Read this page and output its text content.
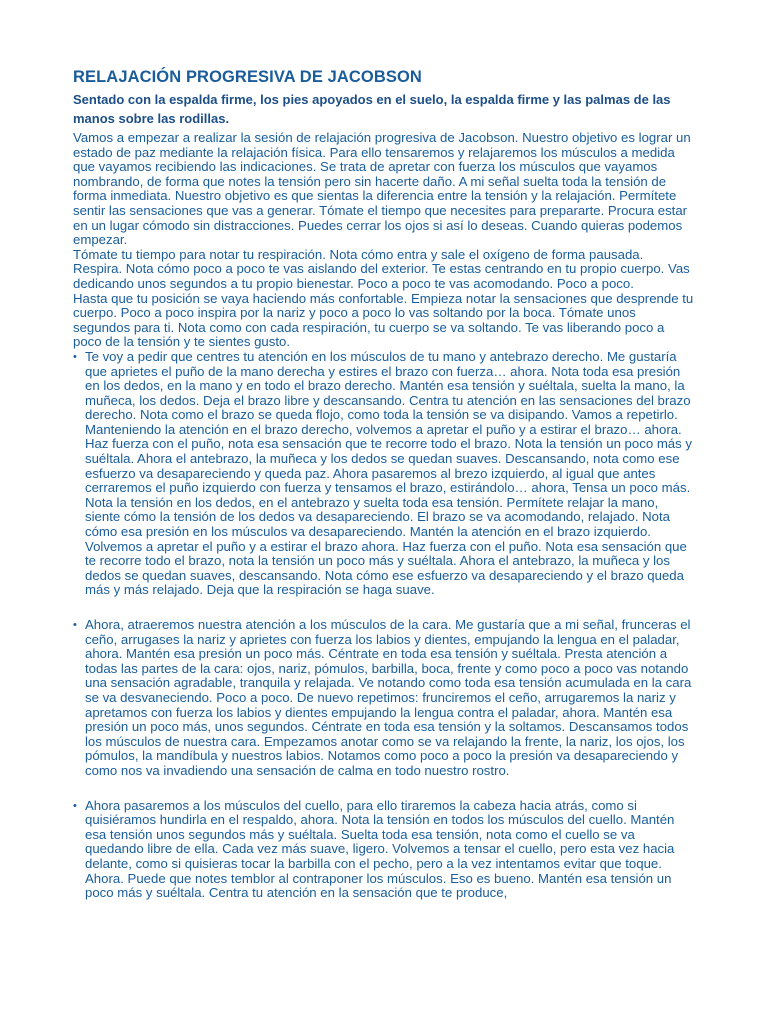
RELAJACIÓN PROGRESIVA DE JACOBSON
Sentado con la espalda firme, los pies apoyados en el suelo, la espalda firme y las palmas de las manos sobre las rodillas.

Vamos a empezar a realizar la sesión de relajación progresiva de Jacobson. Nuestro objetivo es lograr un estado de paz mediante la relajación física. Para ello tensaremos y relajaremos los músculos a medida que vayamos recibiendo las indicaciones. Se trata de apretar con fuerza los músculos que vayamos nombrando, de forma que notes la tensión pero sin hacerte daño. A mi señal suelta toda la tensión de forma inmediata. Nuestro objetivo es que sientas la diferencia entre la tensión y la relajación. Permítete sentir las sensaciones que vas a generar. Tómate el tiempo que necesites para prepararte. Procura estar en un lugar cómodo sin distracciones. Puedes cerrar los ojos si así lo deseas. Cuando quieras podemos empezar.

Tómate tu tiempo para notar tu respiración. Nota cómo entra y sale el oxígeno de forma pausada. Respira. Nota cómo poco a poco te vas aislando del exterior. Te estas centrando en tu propio cuerpo. Vas dedicando unos segundos a tu propio bienestar. Poco a poco te vas acomodando. Poco a poco.

Hasta que tu posición se vaya haciendo más confortable. Empieza notar la sensaciones que desprende tu cuerpo. Poco a poco inspira por la nariz y poco a poco lo vas soltando por la boca. Tómate unos segundos para ti. Nota como con cada respiración, tu cuerpo se va soltando. Te vas liberando poco a poco de la tensión y te sientes gusto.

• Te voy a pedir que centres tu atención en los músculos de tu mano y antebrazo derecho. Me gustaría que aprietes el puño de la mano derecha y estires el brazo con fuerza… ahora. Nota toda esa presión en los dedos, en la mano y en todo el brazo derecho. Mantén esa tensión y suéltala, suelta la mano, la muñeca, los dedos. Deja el brazo libre y descansando. Centra tu atención en las sensaciones del brazo derecho. Nota como el brazo se queda flojo, como toda la tensión se va disipando. Vamos a repetirlo. Manteniendo la atención en el brazo derecho, volvemos a apretar el puño y a estirar el brazo… ahora. Haz fuerza con el puño, nota esa sensación que te recorre todo el brazo. Nota la tensión un poco más y suéltala. Ahora el antebrazo, la muñeca y los dedos se quedan suaves. Descansando, nota como ese esfuerzo va desapareciendo y queda paz. Ahora pasaremos al brezo izquierdo, al igual que antes cerraremos el puño izquierdo con fuerza y tensamos el brazo, estirándolo… ahora, Tensa un poco más. Nota la tensión en los dedos, en el antebrazo y suelta toda esa tensión. Permítete relajar la mano, siente cómo la tensión de los dedos va desapareciendo. El brazo se va acomodando, relajado. Nota cómo esa presión en los músculos va desapareciendo. Mantén la atención en el brazo izquierdo. Volvemos a apretar el puño y a estirar el brazo ahora. Haz fuerza con el puño. Nota esa sensación que te recorre todo el brazo, nota la tensión un poco más y suéltala. Ahora el antebrazo, la muñeca y los dedos se quedan suaves, descansando. Nota cómo ese esfuerzo va desapareciendo y el brazo queda más y más relajado. Deja que la respiración se haga suave.
• Ahora, atraeremos nuestra atención a los músculos de la cara. Me gustaría que a mi señal, frunceras el ceño, arrugases la nariz y aprietes con fuerza los labios y dientes, empujando la lengua en el paladar, ahora. Mantén esa presión un poco más. Céntrate en toda esa tensión y suéltala. Presta atención a todas las partes de la cara: ojos, nariz, pómulos, barbilla, boca, frente y como poco a poco vas notando una sensación agradable, tranquila y relajada. Ve notando como toda esa tensión acumulada en la cara se va desvaneciendo. Poco a poco. De nuevo repetimos: frunciremos el ceño, arrugaremos la nariz y apretamos con fuerza los labios y dientes empujando la lengua contra el paladar, ahora. Mantén esa presión un poco más, unos segundos. Céntrate en toda esa tensión y la soltamos. Descansamos todos los músculos de nuestra cara. Empezamos anotar como se va relajando la frente, la nariz, los ojos, los pómulos, la mandíbula y nuestros labios. Notamos como poco a poco la presión va desapareciendo y como nos va invadiendo una sensación de calma en todo nuestro rostro.
• Ahora pasaremos a los músculos del cuello, para ello tiraremos la cabeza hacia atrás, como si quisiéramos hundirla en el respaldo, ahora. Nota la tensión en todos los músculos del cuello. Mantén esa tensión unos segundos más y suéltala. Suelta toda esa tensión, nota como el cuello se va quedando libre de ella. Cada vez más suave, ligero. Volvemos a tensar el cuello, pero esta vez hacia delante, como si quisieras tocar la barbilla con el pecho, pero a la vez intentamos evitar que toque. Ahora. Puede que notes temblor al contraponer los músculos. Eso es bueno. Mantén esa tensión un poco más y suéltala. Centra tu atención en la sensación que te produce,
